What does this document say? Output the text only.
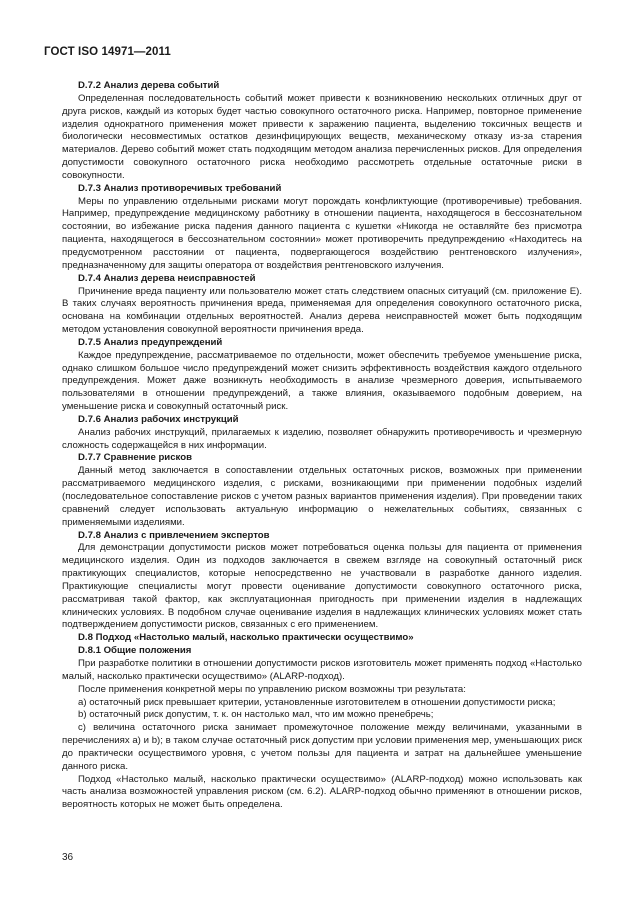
ГОСТ ISO 14971—2011
D.7.2 Анализ дерева событий

Определенная последовательность событий может привести к возникновению нескольких отличных друг от друга рисков, каждый из которых будет частью совокупного остаточного риска. Например, повторное применение изделия однократного применения может привести к заражению пациента, выделению токсичных веществ и биологически несовместимых остатков дезинфицирующих веществ, механическому отказу из-за старения материалов. Дерево событий может стать подходящим методом анализа перечисленных рисков. Для определения допустимости совокупного остаточного риска необходимо рассмотреть отдельные остаточные риски в совокупности.

D.7.3 Анализ противоречивых требований

Меры по управлению отдельными рисками могут порождать конфликтующие (противоречивые) требования. Например, предупреждение медицинскому работнику в отношении пациента, находящегося в бессознательном состоянии, во избежание риска падения данного пациента с кушетки «Никогда не оставляйте без присмотра пациента, находящегося в бессознательном состоянии» может противоречить предупреждению «Находитесь на предусмотренном расстоянии от пациента, подвергающегося воздействию рентгеновского излучения», предназначенному для защиты оператора от воздействия рентгеновского излучения.

D.7.4 Анализ дерева неисправностей

Причинение вреда пациенту или пользователю может стать следствием опасных ситуаций (см. приложение E). В таких случаях вероятность причинения вреда, применяемая для определения совокупного остаточного риска, основана на комбинации отдельных вероятностей. Анализ дерева неисправностей может быть подходящим методом установления совокупной вероятности причинения вреда.

D.7.5 Анализ предупреждений

Каждое предупреждение, рассматриваемое по отдельности, может обеспечить требуемое уменьшение риска, однако слишком большое число предупреждений может снизить эффективность воздействия каждого отдельного предупреждения. Может даже возникнуть необходимость в анализе чрезмерного доверия, испытываемого пользователями в отношении предупреждений, а также влияния, оказываемого подобным доверием, на уменьшение риска и совокупный остаточный риск.

D.7.6 Анализ рабочих инструкций

Анализ рабочих инструкций, прилагаемых к изделию, позволяет обнаружить противоречивость и чрезмерную сложность содержащейся в них информации.

D.7.7 Сравнение рисков

Данный метод заключается в сопоставлении отдельных остаточных рисков, возможных при применении рассматриваемого медицинского изделия, с рисками, возникающими при применении подобных изделий (последовательное сопоставление рисков с учетом разных вариантов применения изделия). При проведении таких сравнений следует использовать актуальную информацию о нежелательных событиях, связанных с применяемыми изделиями.

D.7.8 Анализ с привлечением экспертов

Для демонстрации допустимости рисков может потребоваться оценка пользы для пациента от применения медицинского изделия. Один из подходов заключается в свежем взгляде на совокупный остаточный риск практикующих специалистов, которые непосредственно не участвовали в разработке данного изделия. Практикующие специалисты могут провести оценивание допустимости совокупного остаточного риска, рассматривая такой фактор, как эксплуатационная пригодность при применении изделия в надлежащих клинических условиях. В подобном случае оценивание изделия в надлежащих клинических условиях может стать подтверждением допустимости рисков, связанных с его применением.

D.8 Подход «Настолько малый, насколько практически осуществимо»
D.8.1 Общие положения

При разработке политики в отношении допустимости рисков изготовитель может применять подход «Настолько малый, насколько практически осуществимо» (ALARP-подход).

После применения конкретной меры по управлению риском возможны три результата:

а) остаточный риск превышает критерии, установленные изготовителем в отношении допустимости риска;

b) остаточный риск допустим, т. к. он настолько мал, что им можно пренебречь;

c) величина остаточного риска занимает промежуточное положение между величинами, указанными в перечислениях а) и b); в таком случае остаточный риск допустим при условии применения мер, уменьшающих риск до практически осуществимого уровня, с учетом пользы для пациента и затрат на дальнейшее уменьшение данного риска.

Подход «Настолько малый, насколько практически осуществимо» (ALARP-подход) можно использовать как часть анализа возможностей управления риском (см. 6.2). ALARP-подход обычно применяют в отношении рисков, вероятность которых не может быть определена.

36
